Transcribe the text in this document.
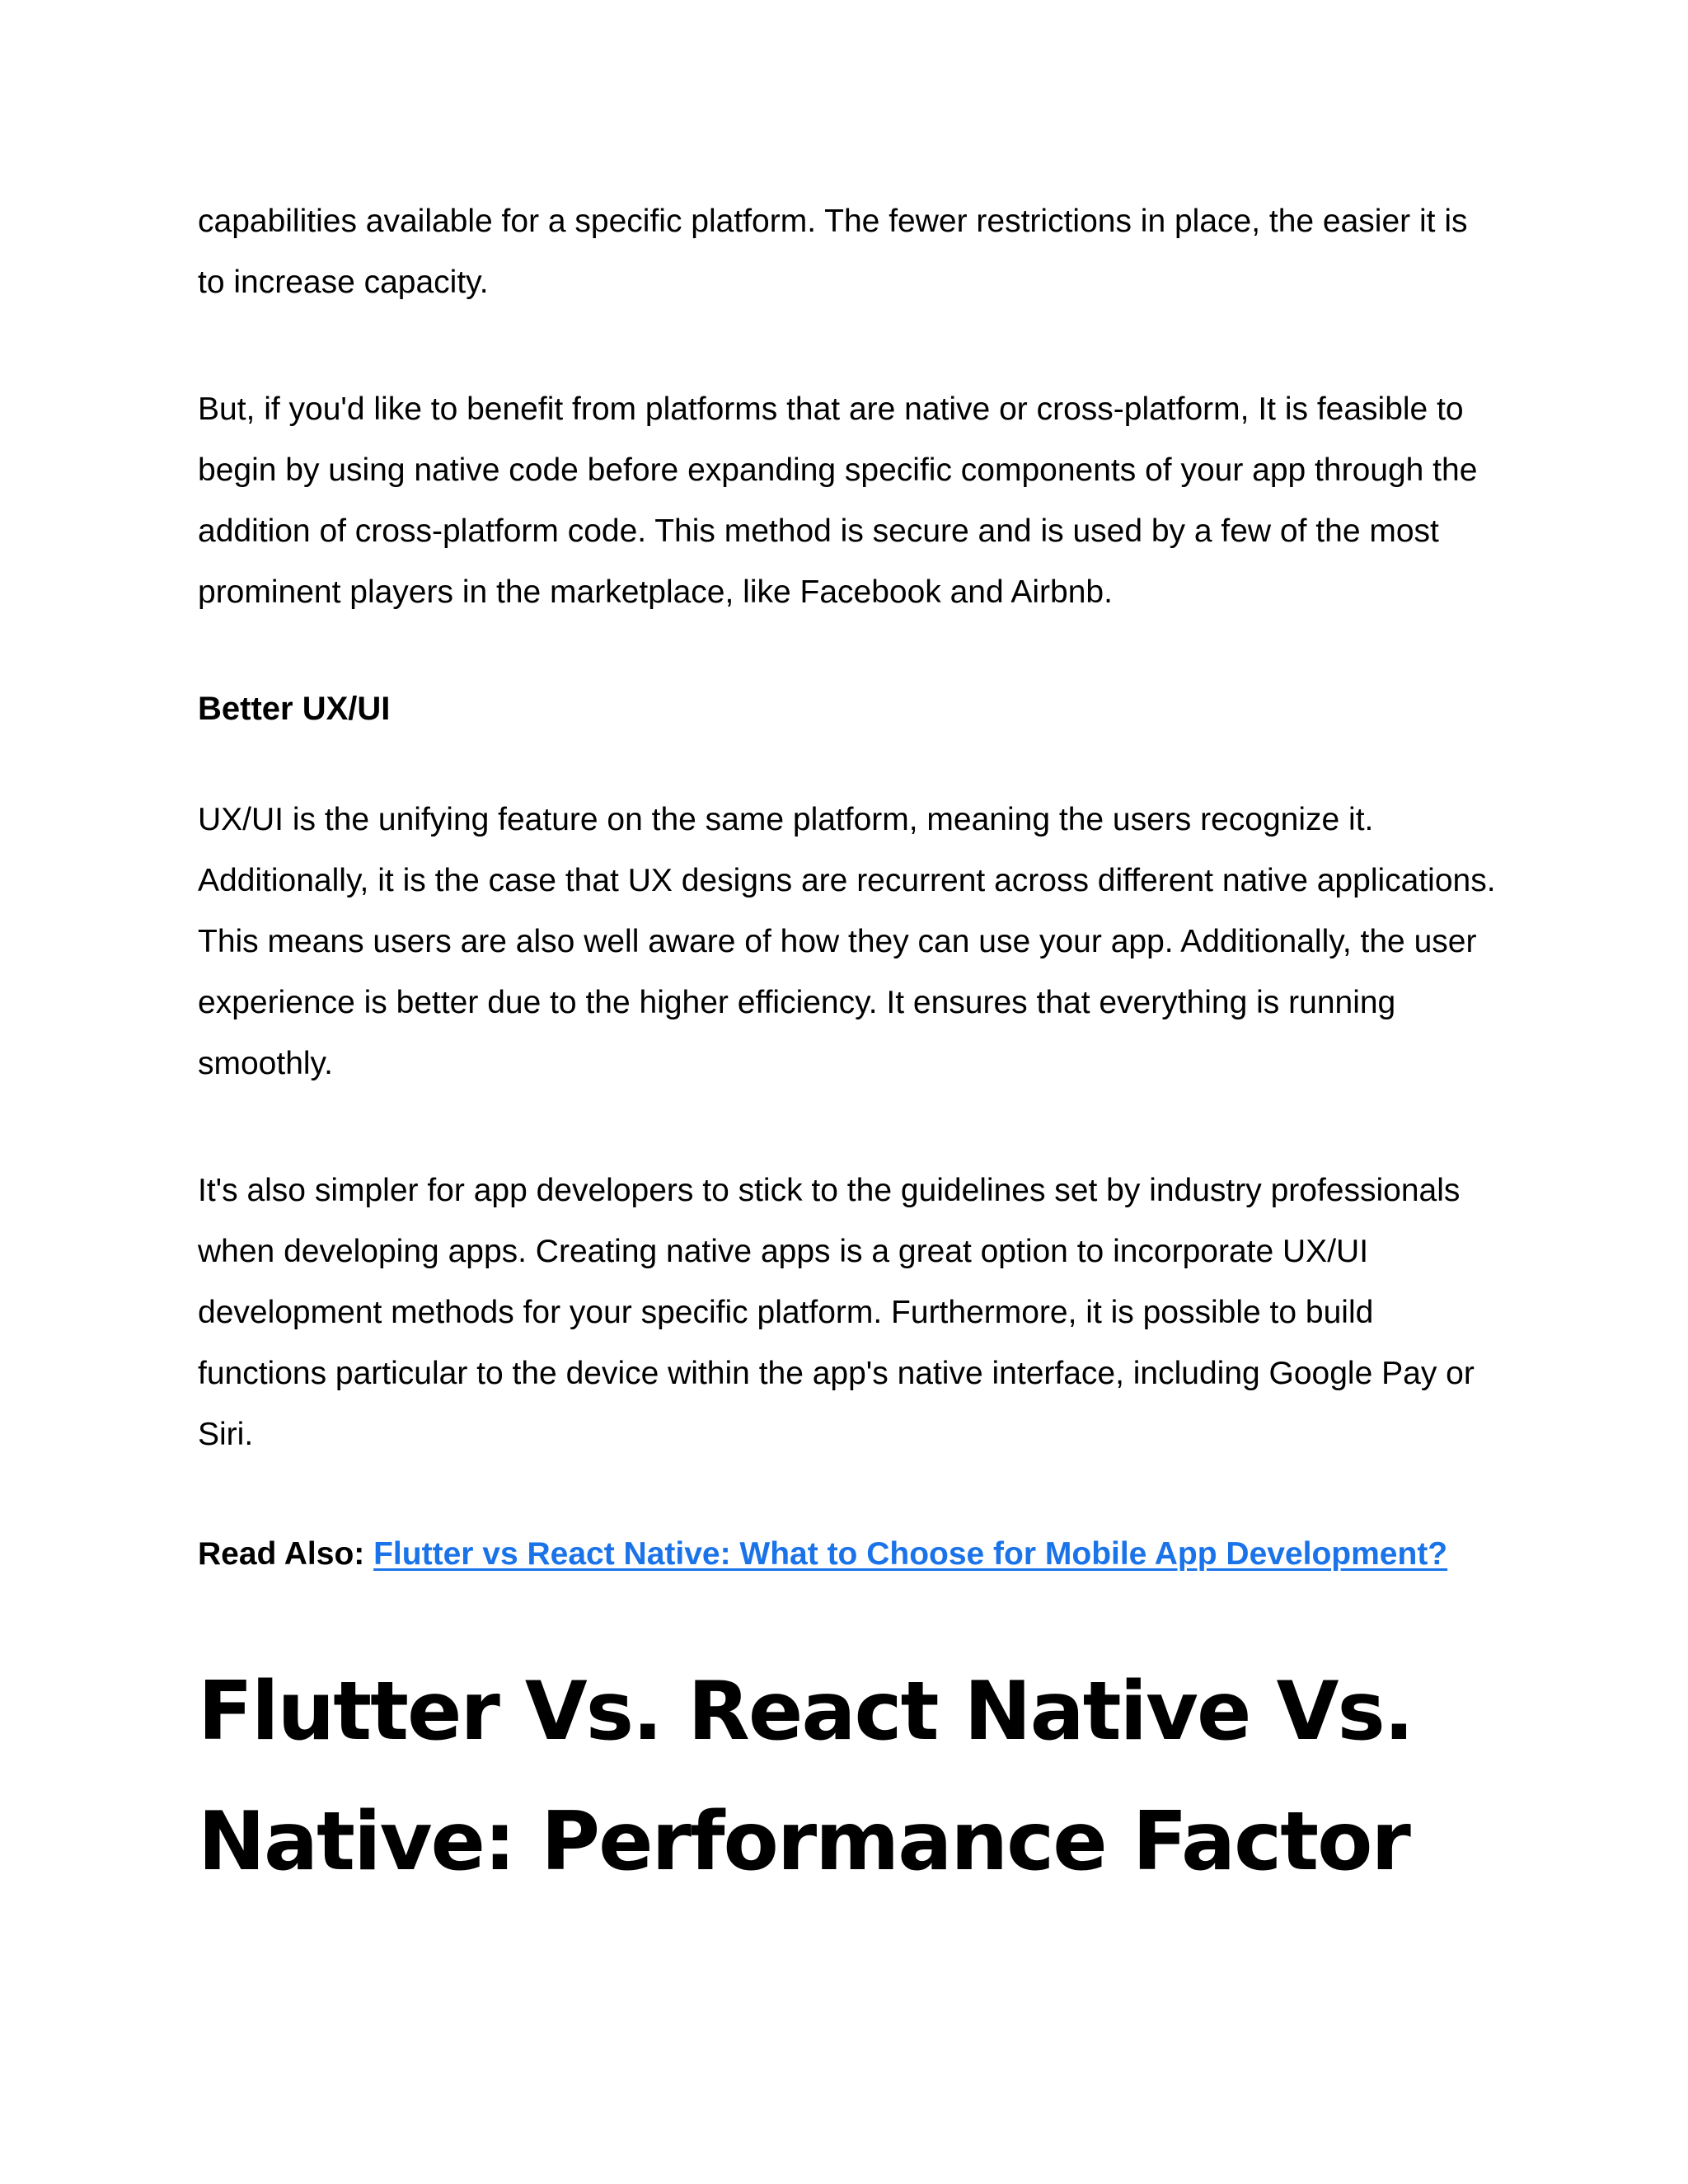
capabilities available for a specific platform. The fewer restrictions in place, the easier it is to increase capacity.

But, if you'd like to benefit from platforms that are native or cross-platform, It is feasible to begin by using native code before expanding specific components of your app through the addition of cross-platform code. This method is secure and is used by a few of the most prominent players in the marketplace, like Facebook and Airbnb.

Better UX/UI

UX/UI is the unifying feature on the same platform, meaning the users recognize it. Additionally, it is the case that UX designs are recurrent across different native applications. This means users are also well aware of how they can use your app. Additionally, the user experience is better due to the higher efficiency. It ensures that everything is running smoothly.

It's also simpler for app developers to stick to the guidelines set by industry professionals when developing apps. Creating native apps is a great option to incorporate UX/UI development methods for your specific platform. Furthermore, it is possible to build functions particular to the device within the app's native interface, including Google Pay or Siri.

Read Also: Flutter vs React Native: What to Choose for Mobile App Development?

Flutter Vs. React Native Vs.
Native: Performance Factor
